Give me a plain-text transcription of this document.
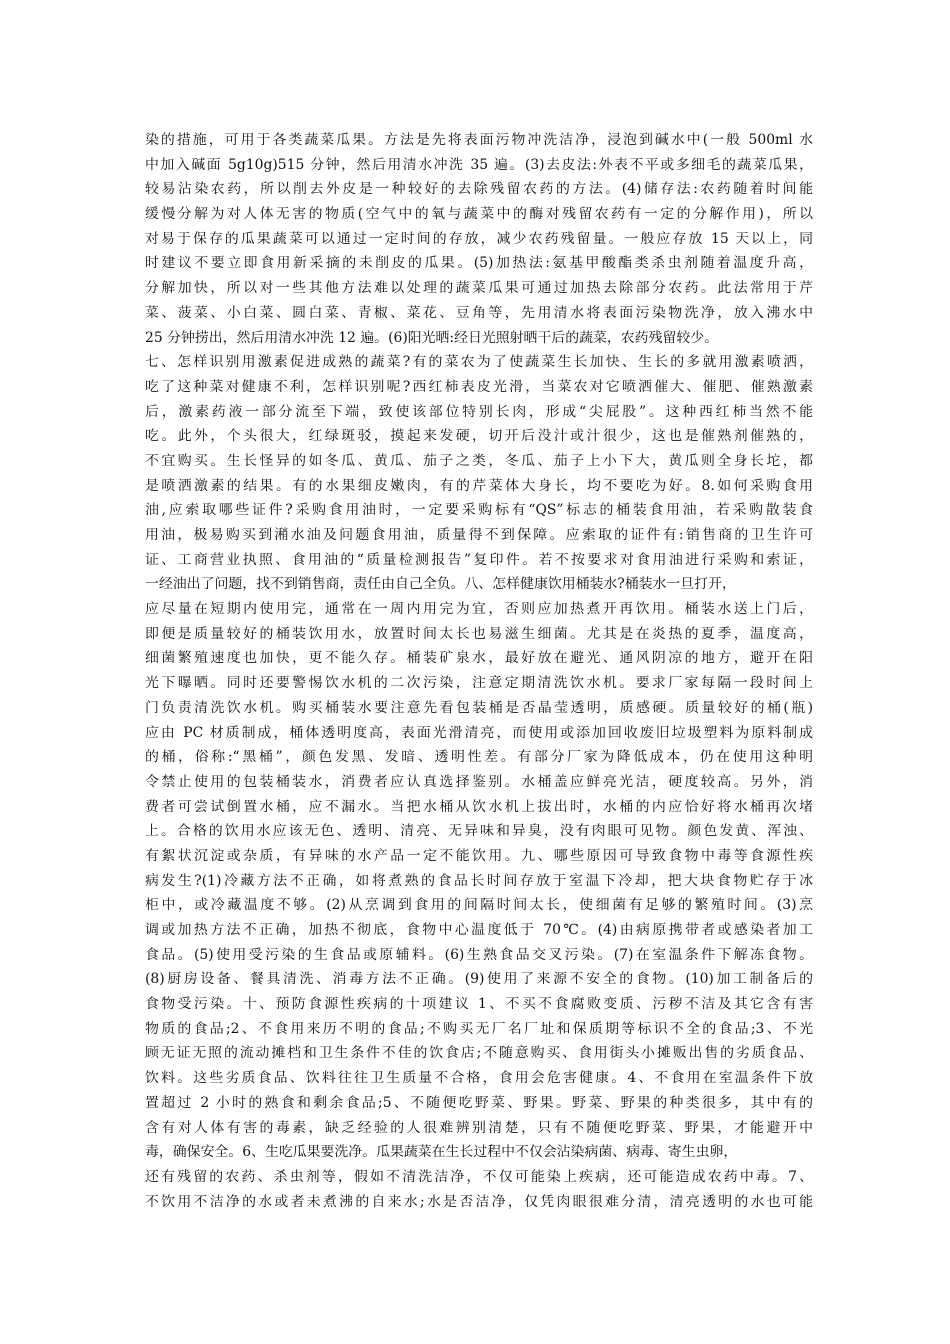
染的措施，可用于各类蔬菜瓜果。方法是先将表面污物冲洗洁净，浸泡到碱水中(一般 500ml 水
中加入碱面 5g10g)515 分钟，然后用清水冲洗 35 遍。(3)去皮法:外表不平或多细毛的蔬菜瓜果，
较易沾染农药，所以削去外皮是一种较好的去除残留农药的方法。(4)储存法:农药随着时间能
缓慢分解为对人体无害的物质(空气中的氧与蔬菜中的酶对残留农药有一定的分解作用)，所以
对易于保存的瓜果蔬菜可以通过一定时间的存放，减少农药残留量。一般应存放 15 天以上，同
时建议不要立即食用新采摘的未削皮的瓜果。(5)加热法:氨基甲酸酯类杀虫剂随着温度升高，
分解加快，所以对一些其他方法难以处理的蔬菜瓜果可通过加热去除部分农药。此法常用于芹
菜、菠菜、小白菜、圆白菜、青椒、菜花、豆角等，先用清水将表面污染物洗净，放入沸水中
25 分钟捞出，然后用清水冲洗 12 遍。(6)阳光晒:经日光照射晒干后的蔬菜，农药残留较少。
七、怎样识别用激素促进成熟的蔬菜?有的菜农为了使蔬菜生长加快、生长的多就用激素喷洒，
吃了这种菜对健康不利，怎样识别呢?西红柿表皮光滑，当菜农对它喷洒催大、催肥、催熟激素
后，激素药液一部分流至下端，致使该部位特别长肉，形成“尖屁股”。这种西红柿当然不能
吃。此外，个头很大，红绿斑驳，摸起来发硬，切开后没汁或汁很少，这也是催熟剂催熟的，
不宜购买。生长怪异的如冬瓜、黄瓜、茄子之类，冬瓜、茄子上小下大，黄瓜则全身长坨，都
是喷洒激素的结果。有的水果细皮嫩肉，有的芹菜体大身长，均不要吃为好。8.如何采购食用
油,应索取哪些证件?采购食用油时，一定要采购标有“QS”标志的桶装食用油，若采购散装食
用油，极易购买到潲水油及问题食用油，质量得不到保障。应索取的证件有:销售商的卫生许可
证、工商营业执照、食用油的“质量检测报告”复印件。若不按要求对食用油进行采购和索证，
一经油出了问题，找不到销售商，责任由自己全负。八、怎样健康饮用桶装水?桶装水一旦打开，
应尽量在短期内使用完，通常在一周内用完为宜，否则应加热煮开再饮用。桶装水送上门后，
即便是质量较好的桶装饮用水，放置时间太长也易滋生细菌。尤其是在炎热的夏季，温度高，
细菌繁殖速度也加快，更不能久存。桶装矿泉水，最好放在避光、通风阴凉的地方，避开在阳
光下曝晒。同时还要警惕饮水机的二次污染，注意定期清洗饮水机。要求厂家每隔一段时间上
门负责清洗饮水机。购买桶装水要注意先看包装桶是否晶莹透明，质感硬。质量较好的桶(瓶)
应由 PC 材质制成，桶体透明度高，表面光滑清亮，而使用或添加回收废旧垃圾塑料为原料制成
的桶，俗称:“黑桶”，颜色发黑、发暗、透明性差。有部分厂家为降低成本，仍在使用这种明
令禁止使用的包装桶装水，消费者应认真选择鉴别。水桶盖应鲜亮光洁，硬度较高。另外，消
费者可尝试倒置水桶，应不漏水。当把水桶从饮水机上拔出时，水桶的内应恰好将水桶再次堵
上。合格的饮用水应该无色、透明、清亮、无异味和异臭，没有肉眼可见物。颜色发黄、浑浊、
有絮状沉淀或杂质，有异味的水产品一定不能饮用。九、哪些原因可导致食物中毒等食源性疾
病发生?(1)冷藏方法不正确，如将煮熟的食品长时间存放于室温下冷却，把大块食物贮存于冰
柜中，或冷藏温度不够。(2)从烹调到食用的间隔时间太长，使细菌有足够的繁殖时间。(3)烹
调或加热方法不正确，加热不彻底，食物中心温度低于 70℃。(4)由病原携带者或感染者加工
食品。(5)使用受污染的生食品或原辅料。(6)生熟食品交叉污染。(7)在室温条件下解冻食物。
(8)厨房设备、餐具清洗、消毒方法不正确。(9)使用了来源不安全的食物。(10)加工制备后的
食物受污染。十、预防食源性疾病的十项建议 1、不买不食腐败变质、污秽不洁及其它含有害
物质的食品;2、不食用来历不明的食品;不购买无厂名厂址和保质期等标识不全的食品;3、不光
顾无证无照的流动摊档和卫生条件不佳的饮食店;不随意购买、食用街头小摊贩出售的劣质食品、
饮料。这些劣质食品、饮料往往卫生质量不合格，食用会危害健康。4、不食用在室温条件下放
置超过 2 小时的熟食和剩余食品;5、不随便吃野菜、野果。野菜、野果的种类很多，其中有的
含有对人体有害的毒素，缺乏经验的人很难辨别清楚，只有不随便吃野菜、野果，才能避开中
毒，确保安全。6、生吃瓜果要洗净。瓜果蔬菜在生长过程中不仅会沾染病菌、病毒、寄生虫卵，
还有残留的农药、杀虫剂等，假如不清洗洁净，不仅可能染上疾病，还可能造成农药中毒。7、
不饮用不洁净的水或者未煮沸的自来水;水是否洁净，仅凭肉眼很难分清，清亮透明的水也可能
